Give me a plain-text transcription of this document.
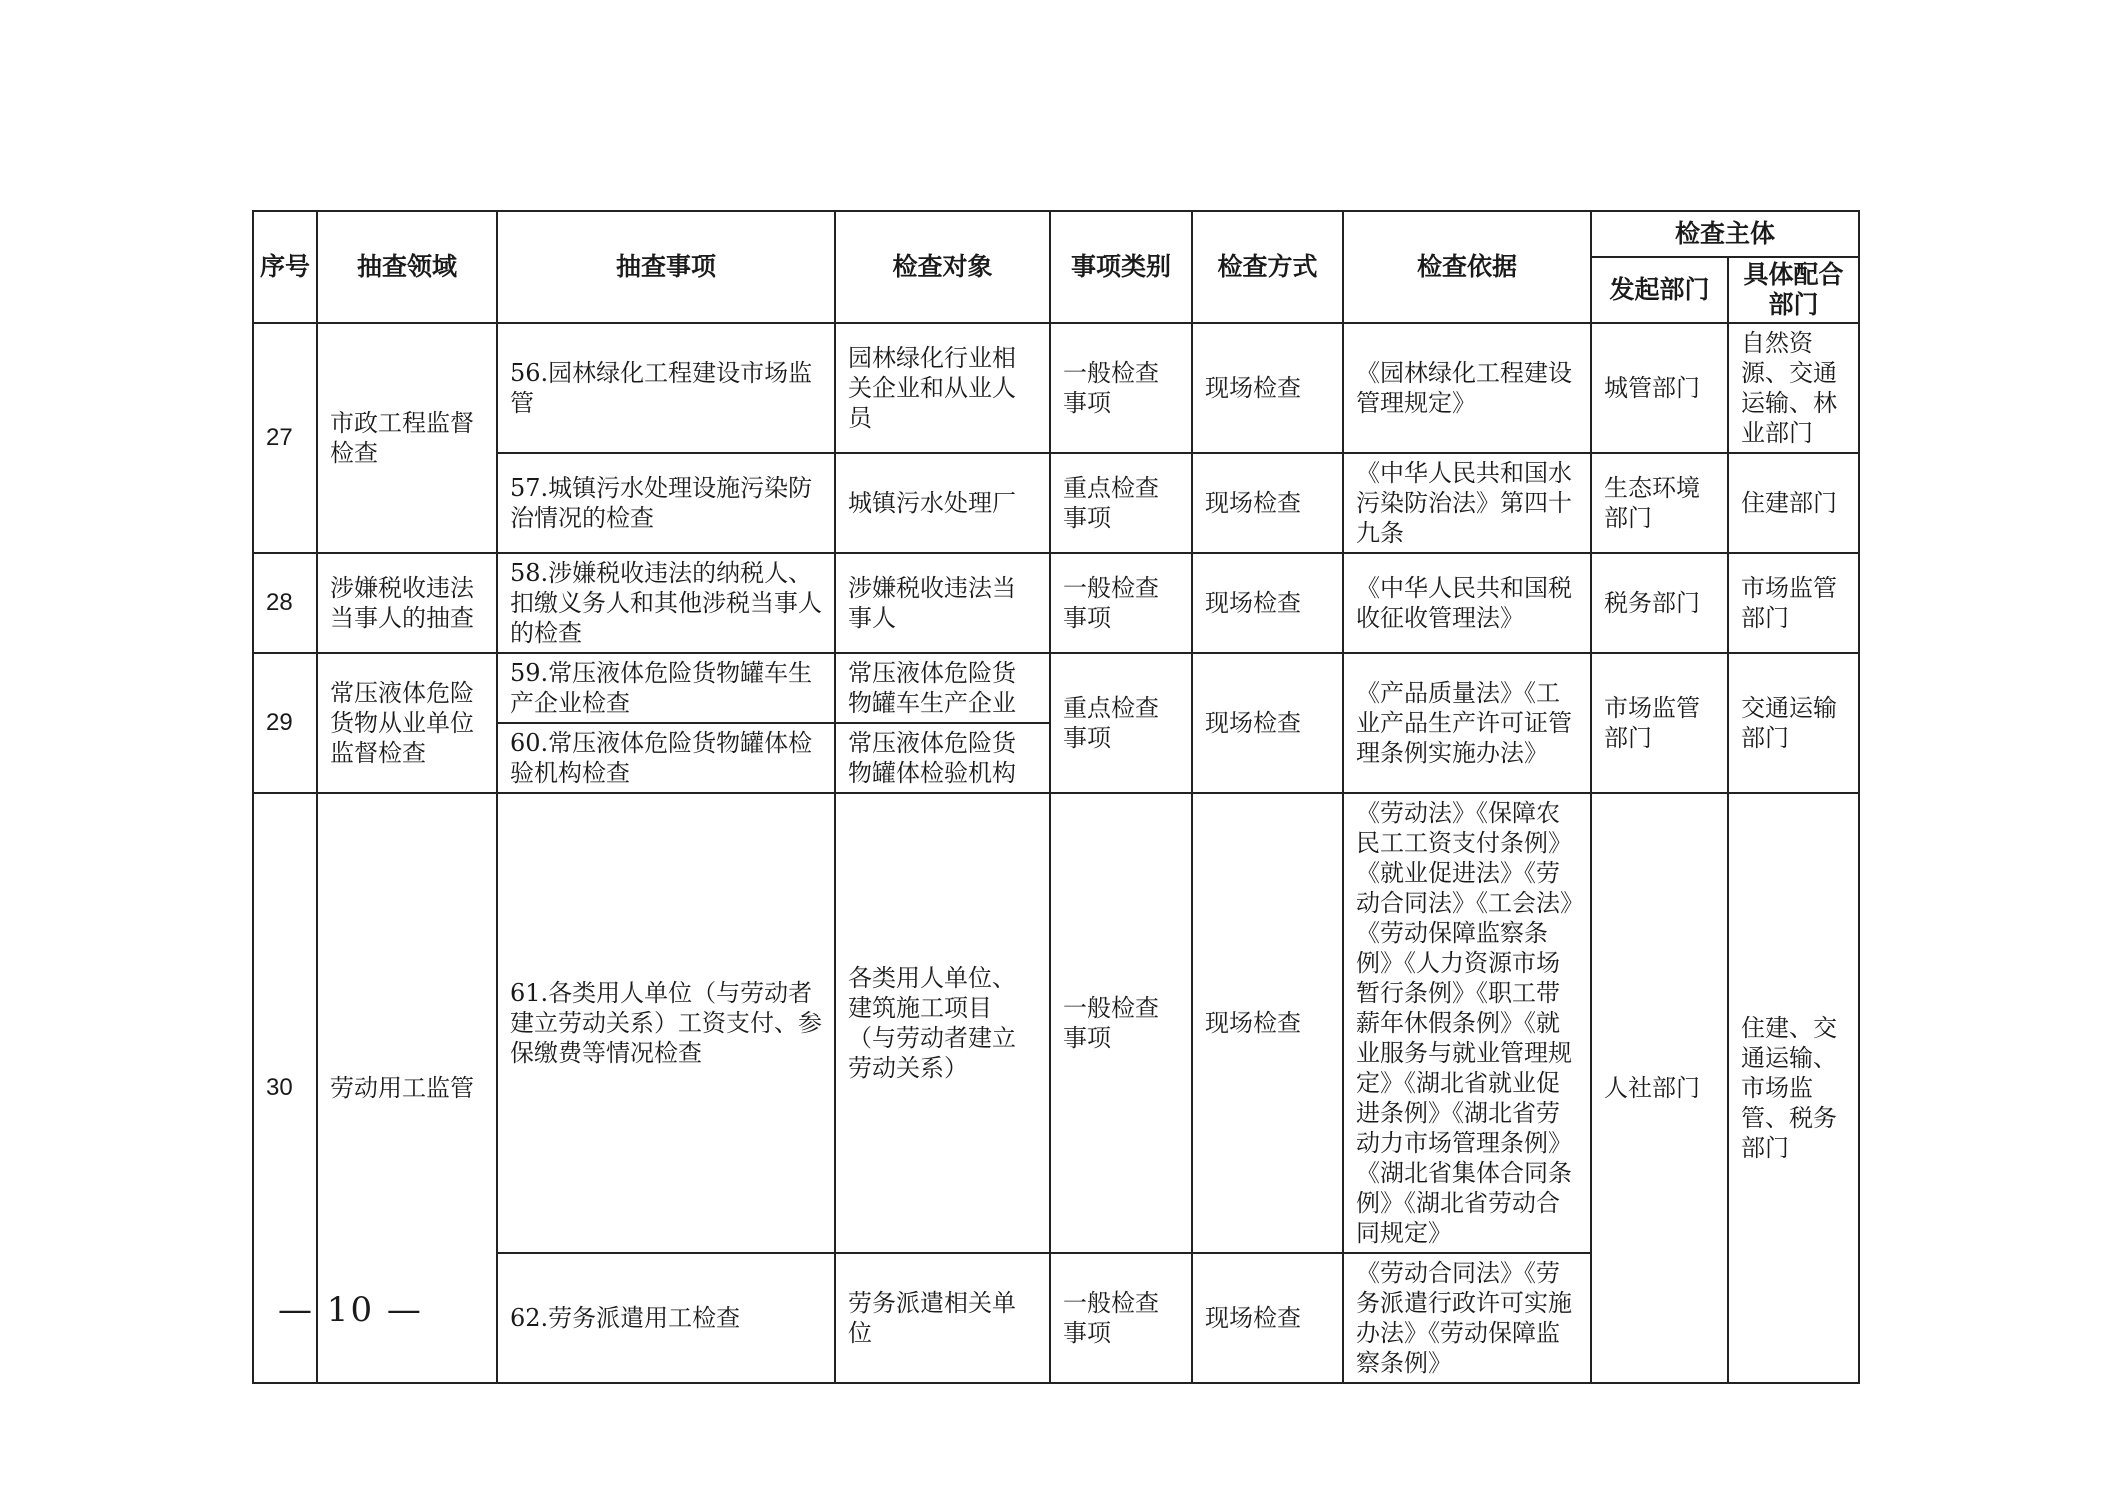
序号	抽查领域	抽查事项	检查对象	事项类别	检查方式	检查依据	检查主体	
							发起部门	具体配合部门
27	市政工程监督检查	56.园林绿化工程建设市场监管	园林绿化行业相关企业和从业人员	一般检查事项	现场检查	《园林绿化工程建设管理规定》	城管部门	自然资源、交通运输、林业部门
		57.城镇污水处理设施污染防治情况的检查	城镇污水处理厂	重点检查事项	现场检查	《中华人民共和国水污染防治法》第四十九条	生态环境部门	住建部门
28	涉嫌税收违法当事人的抽查	58.涉嫌税收违法的纳税人、 扣缴义务人和其他涉税当事人的检查	涉嫌税收违法当事人	一般检查事项	现场检查	《中华人民共和国税收征收管理法》	税务部门	市场监管部门
29	常压液体危险货物从业单位监督检查	59.常压液体危险货物罐车生产企业检查	常压液体危险货物罐车生产企业	重点检查事项	现场检查	《产品质量法》《工业产品生产许可证管理条例实施办法》	市场监管部门	交通运输部门
		60.常压液体危险货物罐体检验机构检查	常压液体危险货物罐体检验机构					
30	劳动用工监管	61.各类用人单位（与劳动者建立劳动关系）工资支付、参保缴费等情况检查	各类用人单位、建筑施工项目（与劳动者建立劳动关系）	一般检查事项	现场检查	《劳动法》《保障农民工工资支付条例》《就业促进法》《劳动合同法》《工会法》《劳动保障监察条例》《人力资源市场暂行条例》《职工带薪年休假条例》《就业服务与就业管理规定》《湖北省就业促进条例》《湖北省劳动力市场管理条例》《湖北省集体合同条例》《湖北省劳动合同规定》	人社部门	住建、交通运输、市场监管、税务部门
		62.劳务派遣用工检查	劳务派遣相关单位	一般检查事项	现场检查	《劳动合同法》《劳务派遣行政许可实施办法》《劳动保障监察条例》		
— 10 —
